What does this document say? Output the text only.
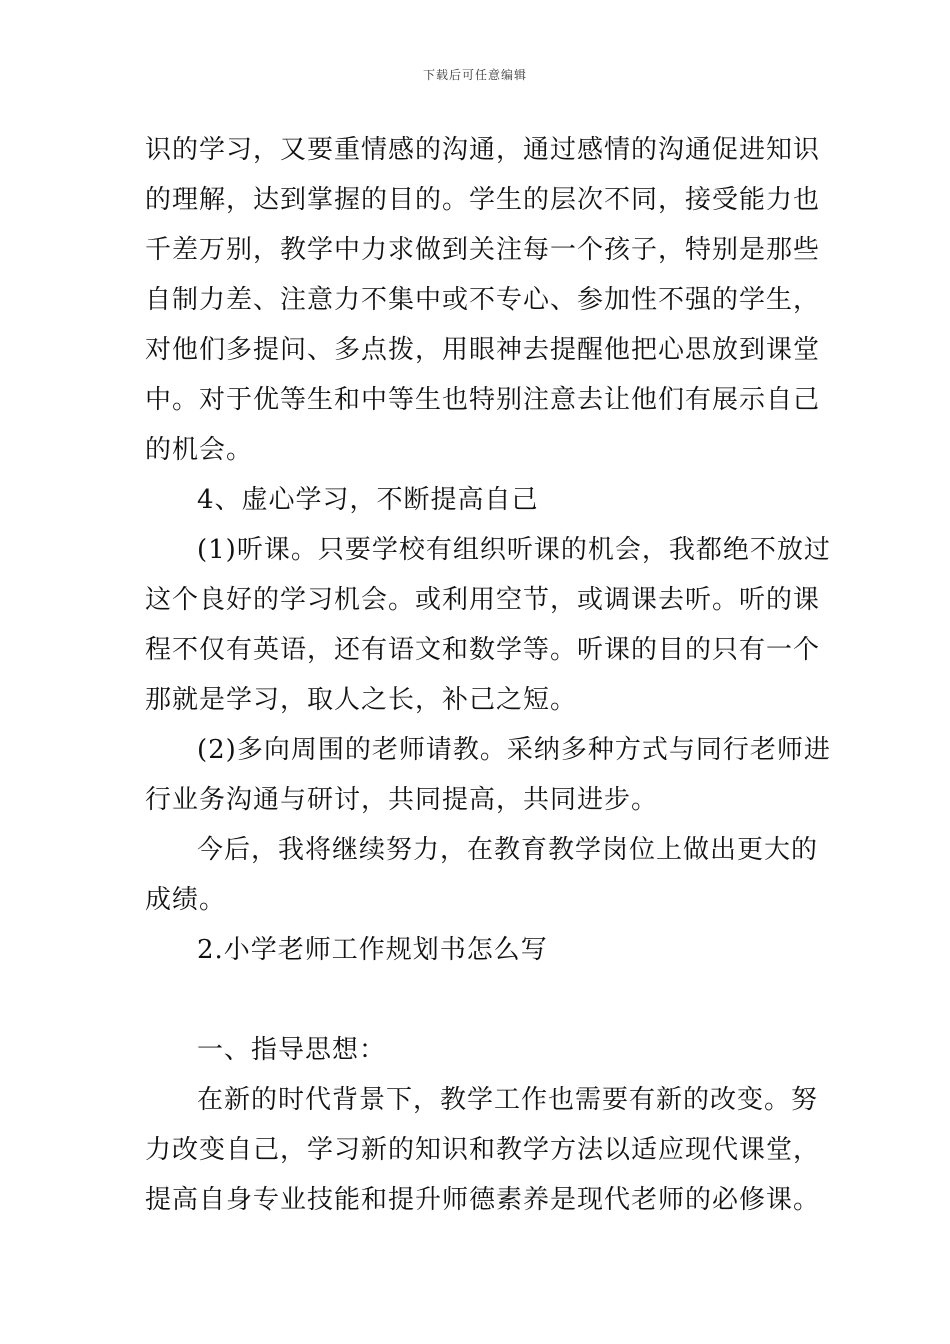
下载后可任意编辑
识的学习，又要重情感的沟通，通过感情的沟通促进知识
的理解，达到掌握的目的。学生的层次不同，接受能力也
千差万别，教学中力求做到关注每一个孩子，特别是那些
自制力差、注意力不集中或不专心、参加性不强的学生，
对他们多提问、多点拨，用眼神去提醒他把心思放到课堂
中。对于优等生和中等生也特别注意去让他们有展示自己
的机会。
4、虚心学习，不断提高自己
(1)听课。只要学校有组织听课的机会，我都绝不放过
这个良好的学习机会。或利用空节，或调课去听。听的课
程不仅有英语，还有语文和数学等。听课的目的只有一个
那就是学习，取人之长，补己之短。
(2)多向周围的老师请教。采纳多种方式与同行老师进
行业务沟通与研讨，共同提高，共同进步。
今后，我将继续努力，在教育教学岗位上做出更大的
成绩。
2.小学老师工作规划书怎么写
一、指导思想：
在新的时代背景下，教学工作也需要有新的改变。努
力改变自己，学习新的知识和教学方法以适应现代课堂，
提高自身专业技能和提升师德素养是现代老师的必修课。
